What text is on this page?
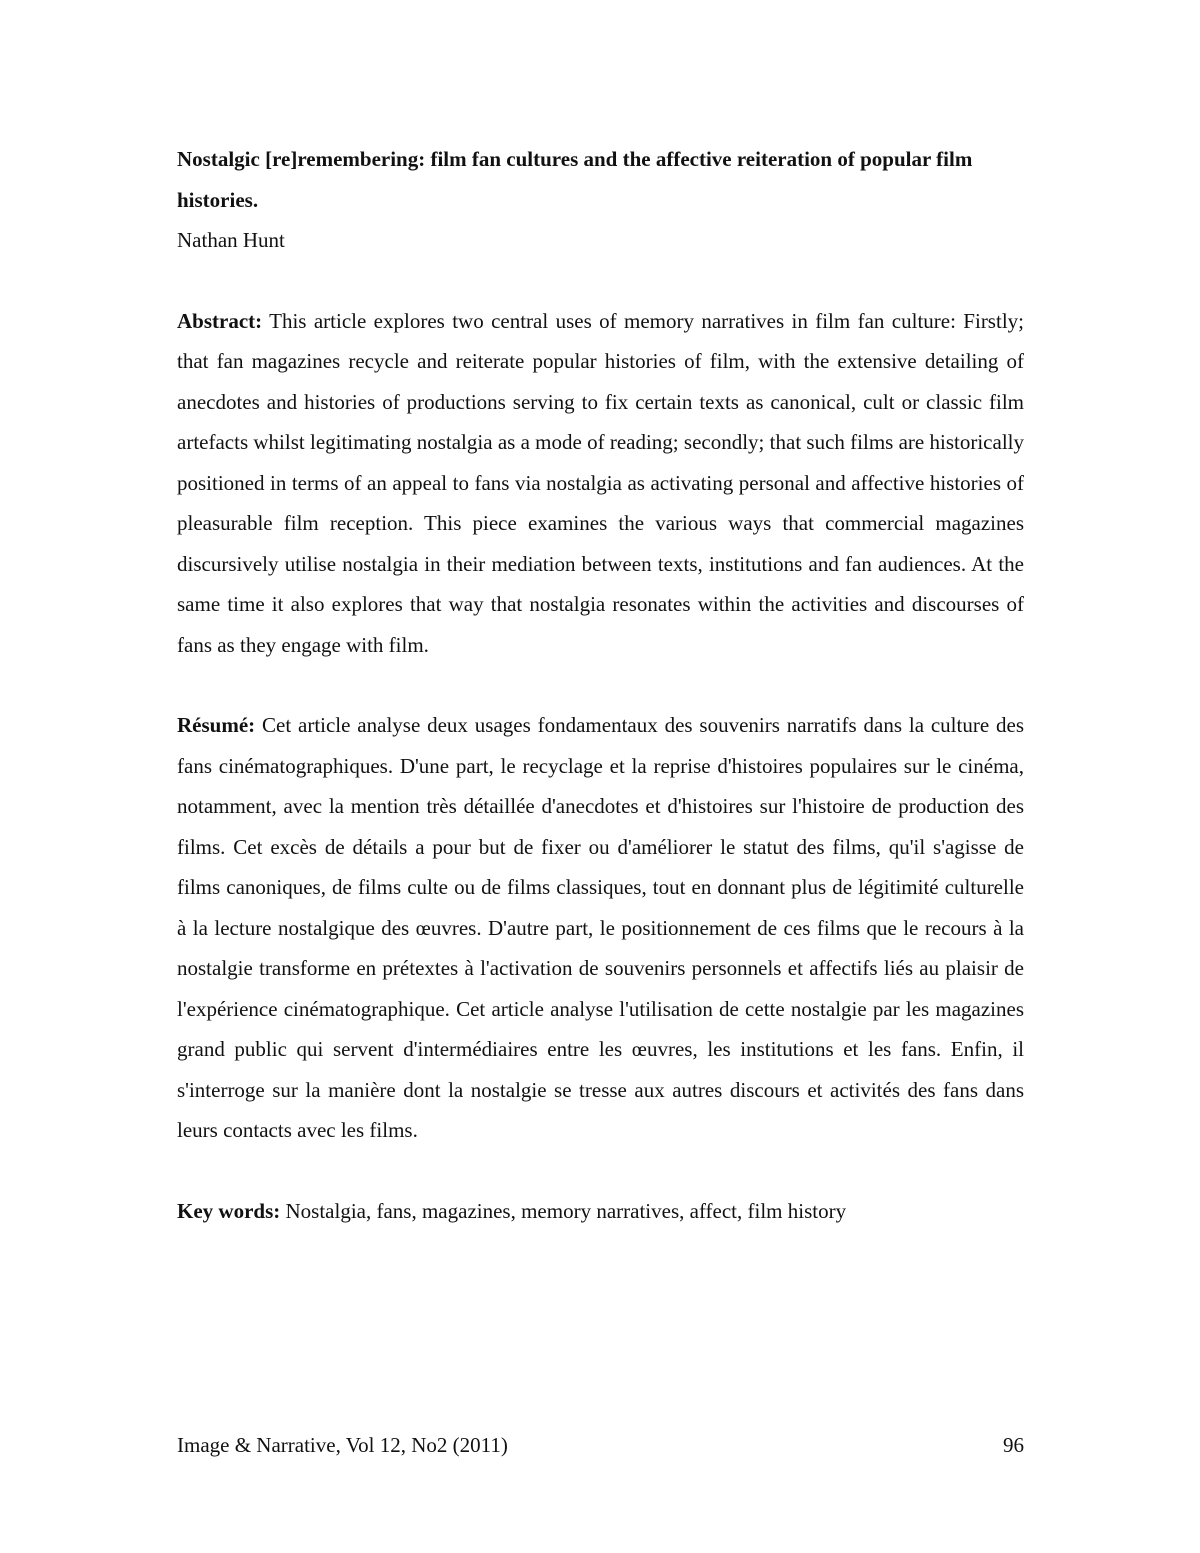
Nostalgic [re]remembering: film fan cultures and the affective reiteration of popular film histories.

Nathan Hunt

Abstract: This article explores two central uses of memory narratives in film fan culture: Firstly; that fan magazines recycle and reiterate popular histories of film, with the extensive detailing of anecdotes and histories of productions serving to fix certain texts as canonical, cult or classic film artefacts whilst legitimating nostalgia as a mode of reading; secondly; that such films are historically positioned in terms of an appeal to fans via nostalgia as activating personal and affective histories of pleasurable film reception. This piece examines the various ways that commercial magazines discursively utilise nostalgia in their mediation between texts, institutions and fan audiences. At the same time it also explores that way that nostalgia resonates within the activities and discourses of fans as they engage with film.

Résumé: Cet article analyse deux usages fondamentaux des souvenirs narratifs dans la culture des fans cinématographiques. D'une part, le recyclage et la reprise d'histoires populaires sur le cinéma, notamment, avec la mention très détaillée d'anecdotes et d'histoires sur l'histoire de production des films. Cet excès de détails a pour but de fixer ou d'améliorer le statut des films, qu'il s'agisse de films canoniques, de films culte ou de films classiques, tout en donnant plus de légitimité culturelle à la lecture nostalgique des œuvres. D'autre part, le positionnement de ces films que le recours à la nostalgie transforme en prétextes à l'activation de souvenirs personnels et affectifs liés au plaisir de l'expérience cinématographique. Cet article analyse l'utilisation de cette nostalgie par les magazines grand public qui servent d'intermédiaires entre les œuvres, les institutions et les fans. Enfin, il s'interroge sur la manière dont la nostalgie se tresse aux autres discours et activités des fans dans leurs contacts avec les films.

Key words: Nostalgia, fans, magazines, memory narratives, affect, film history

Image & Narrative, Vol 12, No2 (2011)	96
